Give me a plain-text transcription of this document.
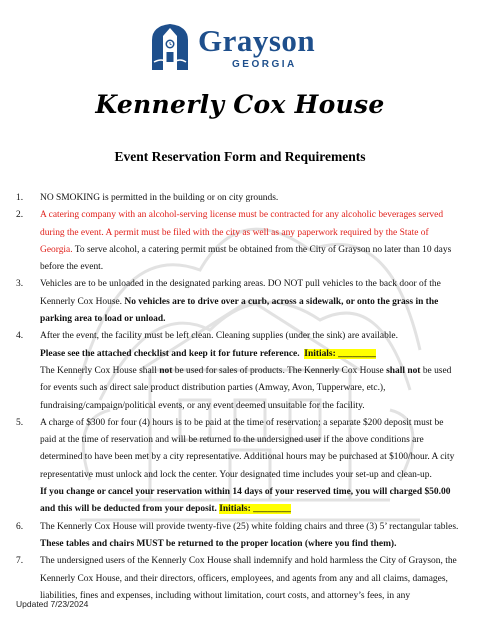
Grayson
GEORGIA
Kennerly Cox House
Event Reservation Form and Requirements
1. NO SMOKING is permitted in the building or on city grounds.
2. A catering company with an alcohol-serving license must be contracted for any alcoholic beverages served during the event. A permit must be filed with the city as well as any paperwork required by the State of Georgia. To serve alcohol, a catering permit must be obtained from the City of Grayson no later than 10 days before the event.
3. Vehicles are to be unloaded in the designated parking areas. DO NOT pull vehicles to the back door of the Kennerly Cox House. No vehicles are to drive over a curb, across a sidewalk, or onto the grass in the parking area to load or unload.
4. After the event, the facility must be left clean. Cleaning supplies (under the sink) are available.
Please see the attached checklist and keep it for future reference. Initials: ________
The Kennerly Cox House shall not be used for sales of products. The Kennerly Cox House shall not be used for events such as direct sale product distribution parties (Amway, Avon, Tupperware, etc.), fundraising/campaign/political events, or any event deemed unsuitable for the facility.
5. A charge of $300 for four (4) hours is to be paid at the time of reservation; a separate $200 deposit must be paid at the time of reservation and will be returned to the undersigned user if the above conditions are determined to have been met by a city representative. Additional hours may be purchased at $100/hour. A city representative must unlock and lock the center. Your designated time includes your set-up and clean-up.
If you change or cancel your reservation within 14 days of your reserved time, you will charged $50.00 and this will be deducted from your deposit. Initials: ________
6. The Kennerly Cox House will provide twenty-five (25) white folding chairs and three (3) 5’ rectangular tables.  These tables and chairs MUST be returned to the proper location (where you find them).
7. The undersigned users of the Kennerly Cox House shall indemnify and hold harmless the City of Grayson, the Kennerly Cox House, and their directors, officers, employees, and agents from any and all claims, damages, liabilities, fines and expenses, including without limitation, court costs, and attorney’s fees, in any
Updated 7/23/2024
